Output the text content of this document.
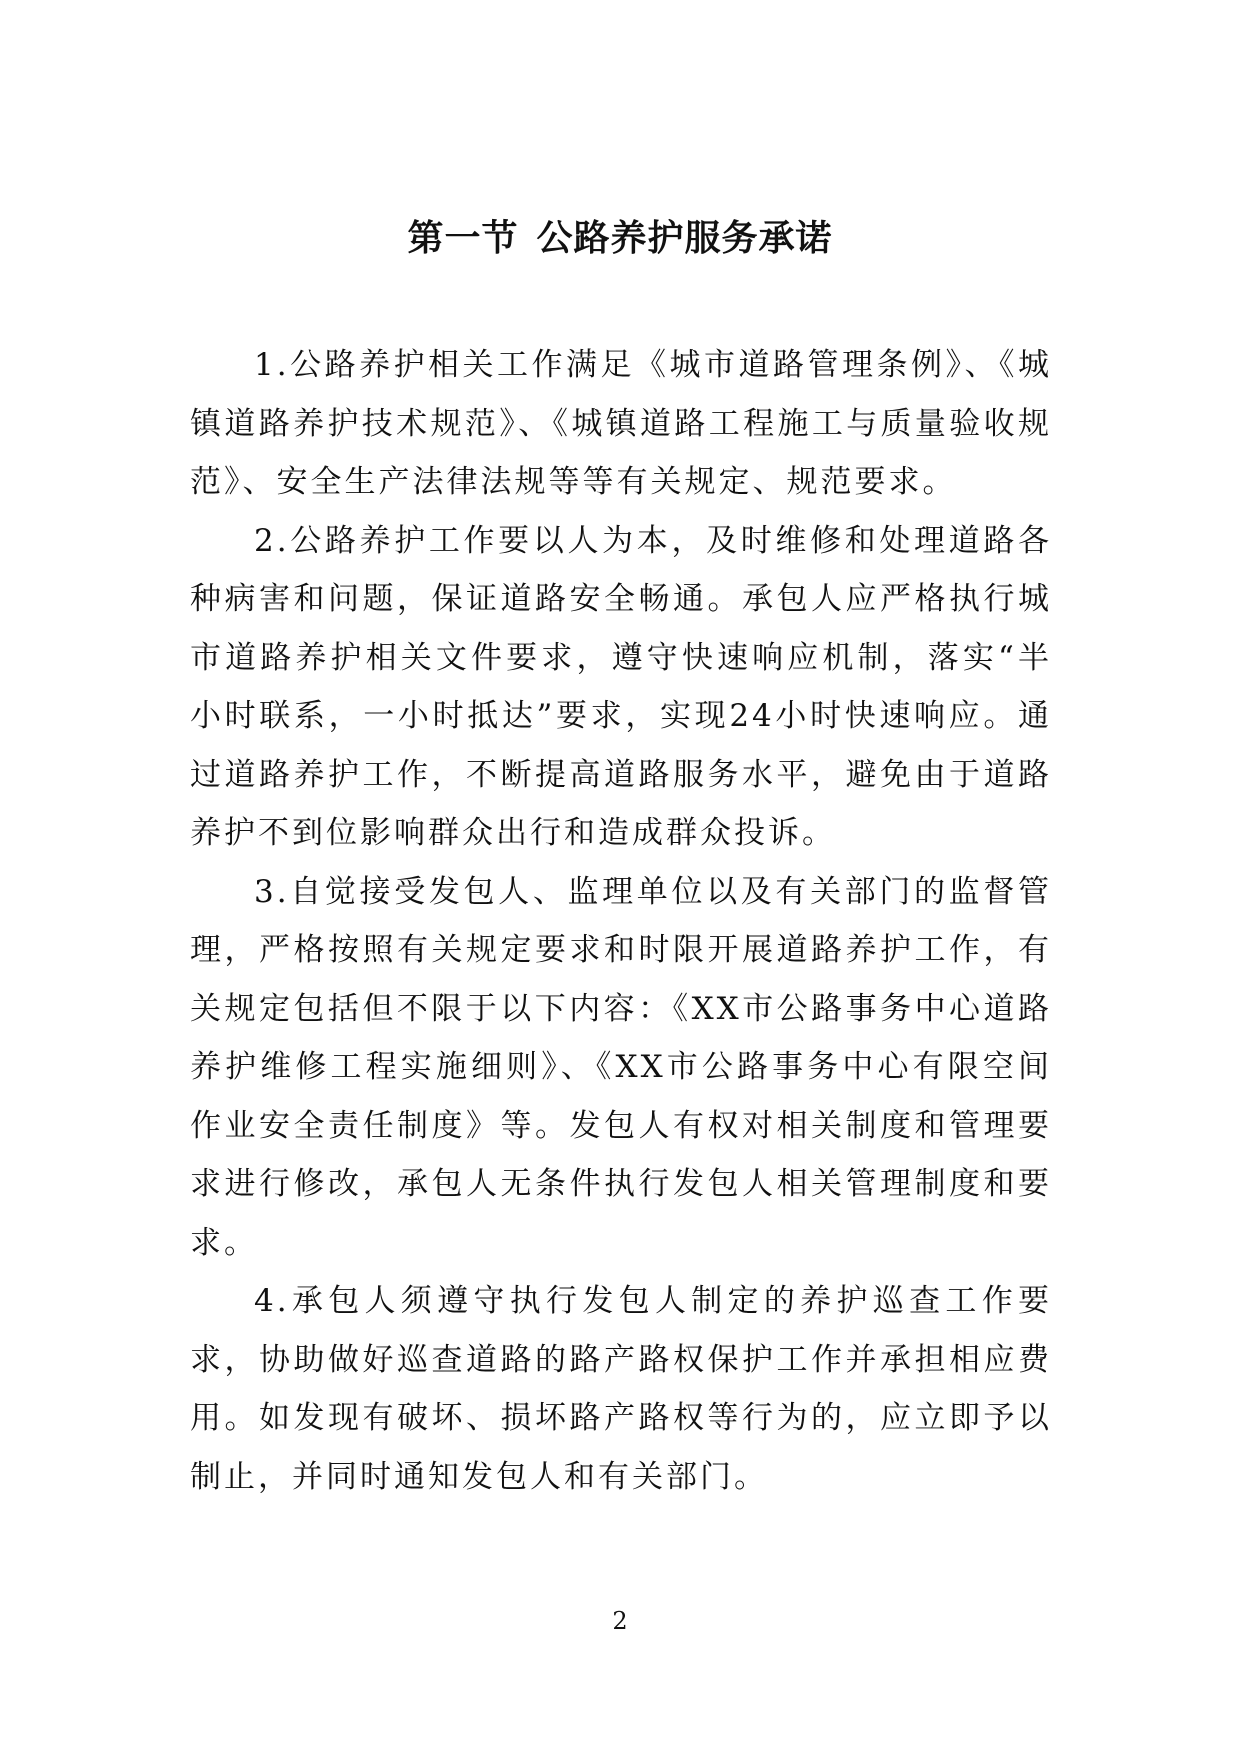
第一节 公路养护服务承诺

1.公路养护相关工作满足《城市道路管理条例》、《城镇道路养护技术规范》、《城镇道路工程施工与质量验收规范》、安全生产法律法规等等有关规定、规范要求。

2.公路养护工作要以人为本，及时维修和处理道路各种病害和问题，保证道路安全畅通。承包人应严格执行城市道路养护相关文件要求，遵守快速响应机制，落实“半小时联系，一小时抵达”要求，实现24小时快速响应。通过道路养护工作，不断提高道路服务水平，避免由于道路养护不到位影响群众出行和造成群众投诉。

3.自觉接受发包人、监理单位以及有关部门的监督管理，严格按照有关规定要求和时限开展道路养护工作，有关规定包括但不限于以下内容：《XX市公路事务中心道路养护维修工程实施细则》、《XX市公路事务中心有限空间作业安全责任制度》等。发包人有权对相关制度和管理要求进行修改，承包人无条件执行发包人相关管理制度和要求。

4.承包人须遵守执行发包人制定的养护巡查工作要求，协助做好巡查道路的路产路权保护工作并承担相应费用。如发现有破坏、损坏路产路权等行为的，应立即予以制止，并同时通知发包人和有关部门。

2
